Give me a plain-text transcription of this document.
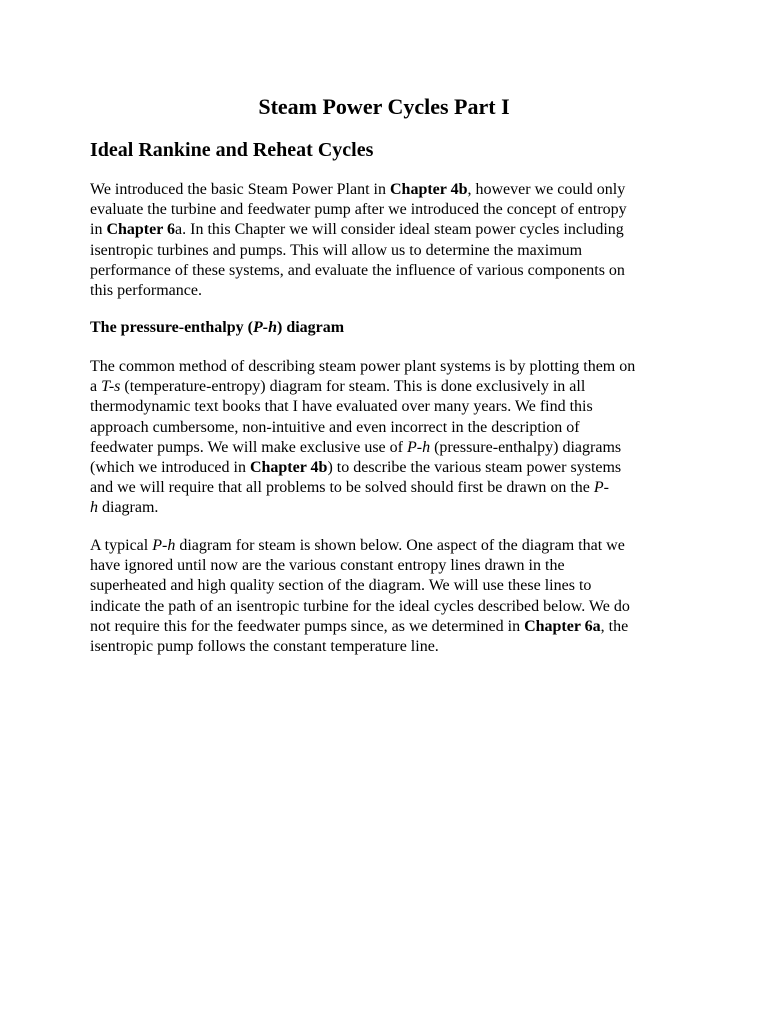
Steam Power Cycles Part I
Ideal Rankine and Reheat Cycles

We introduced the basic Steam Power Plant in Chapter 4b, however we could only
evaluate the turbine and feedwater pump after we introduced the concept of entropy
in Chapter 6a. In this Chapter we will consider ideal steam power cycles including
isentropic turbines and pumps. This will allow us to determine the maximum
performance of these systems, and evaluate the influence of various components on
this performance.

The pressure-enthalpy (P-h) diagram

The common method of describing steam power plant systems is by plotting them on
a T-s (temperature-entropy) diagram for steam. This is done exclusively in all
thermodynamic text books that I have evaluated over many years. We find this
approach cumbersome, non-intuitive and even incorrect in the description of
feedwater pumps. We will make exclusive use of P-h (pressure-enthalpy) diagrams
(which we introduced in Chapter 4b) to describe the various steam power systems
and we will require that all problems to be solved should first be drawn on the P-
h diagram.

A typical P-h diagram for steam is shown below. One aspect of the diagram that we
have ignored until now are the various constant entropy lines drawn in the
superheated and high quality section of the diagram. We will use these lines to
indicate the path of an isentropic turbine for the ideal cycles described below. We do
not require this for the feedwater pumps since, as we determined in Chapter 6a, the
isentropic pump follows the constant temperature line.
